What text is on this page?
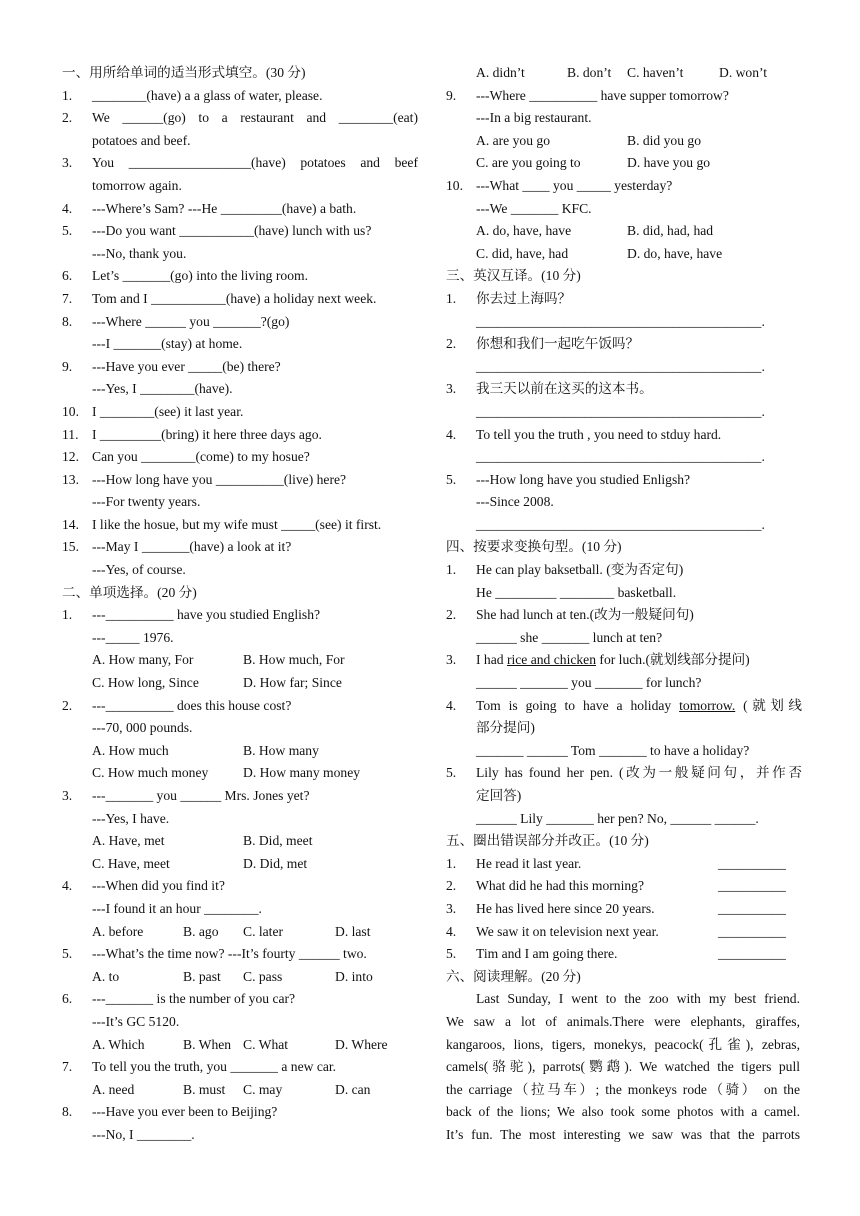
一、用所给单词的适当形式填空。(30 分)
1. ________(have) a a glass of water, please.
2. We ______(go) to a restaurant and ________(eat)
potatoes and beef.
3. You __________________(have) potatoes and beef
tomorrow again.
4. ---Where’s Sam? ---He _________(have) a bath.
5. ---Do you want ___________(have) lunch with us?
---No, thank you.
6. Let’s _______(go) into the living room.
7. Tom and I ___________(have) a holiday next week.
8. ---Where ______ you _______?(go)
---I _______(stay) at home.
9. ---Have you ever _____(be) there?
---Yes, I ________(have).
10. I ________(see) it last year.
11. I _________(bring) it here three days ago.
12. Can you ________(come) to my hosue?
13. ---How long have you __________(live) here?
---For twenty years.
14. I like the hosue, but my wife must _____(see) it first.
15. ---May I _______(have) a look at it?
---Yes, of course.
二、单项选择。(20 分)
1. ---__________ have you studied English?
---_____ 1976.
A. How many, For	B. How much, For
C. How long, Since	D. How far; Since
2. ---__________ does this house cost?
---70, 000 pounds.
A. How much	B. How many
C. How much money	D. How many money
3. ---_______ you ______ Mrs. Jones yet?
---Yes, I have.
A. Have, met	B. Did, meet
C. Have, meet	D. Did, met
4. ---When did you find it?
---I found it an hour ________.
A. before	B. ago C. later	D. last
5. ---What’s the time now? ---It’s fourty ______ two.
A. to	B. past C. pass	D. into
6. ---_______ is the number of you car?
---It’s GC 5120.
A. Which	B. When C. What	D. Where
7. To tell you the truth, you _______ a new car.
A. need	B. must C. may	D. can
8. ---Have you ever been to Beijing?
---No, I ________.
A. didn’t	B. don’t C. haven’t	D. won’t
9. ---Where __________ have supper tomorrow?
---In a big restaurant.
A. are you go	B. did you go
C. are you going to	D. have you go
10. ---What ____ you _____ yesterday?
---We _______ KFC.
A. do, have, have	B. did, had, had
C. did, have, had	D. do, have, have
三、英汉互译。(10 分)
1. 你去过上海吗？
__________________________________________.
2. 你想和我们一起吃午饭吗？
__________________________________________.
3. 我三天以前在这买的这本书。
__________________________________________.
4. To tell you the truth , you need to stduy hard.
__________________________________________.
5. ---How long have you studied Enligsh?
---Since 2008.
__________________________________________.
四、按要求变换句型。(10 分)
1. He can play baksetball. (变为否定句)
He _________ ________ basketball.
2. She had lunch at ten.(改为一般疑问句)
______ she _______ lunch at ten?
3. I had rice and chicken for luch.(就划线部分提问)
______ _______ you _______ for lunch?
4. Tom is going to have a holiday tomorrow. (就划线
部分提问)
_______ ______ Tom _______ to have a holiday?
5. Lily has found her pen. (改为一般疑问句，并作否
定回答)
______ Lily _______ her pen? No, ______ ______.
五、圈出错误部分并改正。(10 分)
1. He read it last year.	__________
2. What did he had this morning?	__________
3. He has lived here since 20 years.	__________
4. We saw it on television next year.	__________
5. Tim and I am going there.	__________
六、阅读理解。(20 分)
Last Sunday, I went to the zoo with my best friend.
We saw a lot of animals.There were elephants, giraffes,
kangaroos, lions, tigers, monekys, peacock(孔雀), zebras,
camels(骆驼), parrots(鹦鹉). We watched the tigers pull
the carriage（拉马车）; the monkeys rode（骑） on the
back of the lions; We also took some photos with a camel.
It’s fun. The most interesting we saw was that the parrots
